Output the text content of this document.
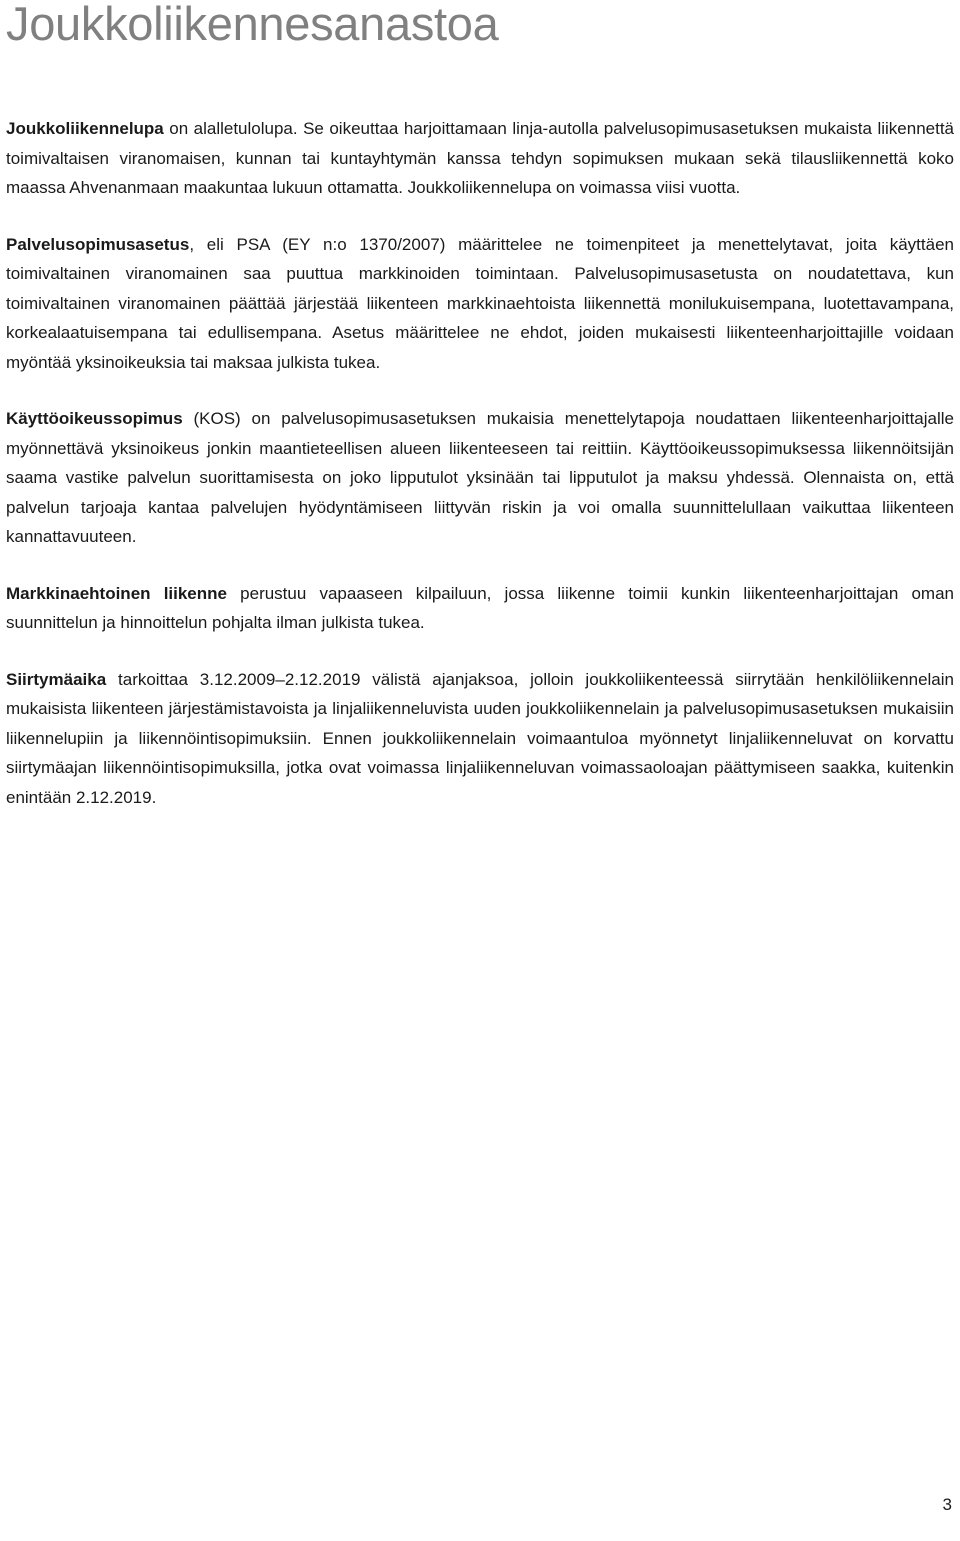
Joukkoliikennesanastoa

Joukkoliikennelupa on alalletulolupa. Se oikeuttaa harjoittamaan linja-autolla palvelusopimusasetuksen mukaista liikennettä toimivaltaisen viranomaisen, kunnan tai kuntayhtymän kanssa tehdyn sopimuksen mukaan sekä tilausliikennettä koko maassa Ahvenanmaan maakuntaa lukuun ottamatta. Joukkoliikennelupa on voimassa viisi vuotta.

Palvelusopimusasetus, eli PSA (EY n:o 1370/2007) määrittelee ne toimenpiteet ja menettelytavat, joita käyttäen toimivaltainen viranomainen saa puuttua markkinoiden toimintaan. Palvelusopimusasetusta on noudatettava, kun toimivaltainen viranomainen päättää järjestää liikenteen markkinaehtoista liikennettä monilukuisempana, luotettavampana, korkealaatuisempana tai edullisempana. Asetus määrittelee ne ehdot, joiden mukaisesti liikenteenharjoittajille voidaan myöntää yksinoikeuksia tai maksaa julkista tukea.

Käyttöoikeussopimus (KOS) on palvelusopimusasetuksen mukaisia menettelytapoja noudattaen liikenteenharjoittajalle myönnettävä yksinoikeus jonkin maantieteellisen alueen liikenteeseen tai reittiin. Käyttöoikeussopimuksessa liikennöitsijän saama vastike palvelun suorittamisesta on joko lipputulot yksinään tai lipputulot ja maksu yhdessä. Olennaista on, että palvelun tarjoaja kantaa palvelujen hyödyntämiseen liittyvän riskin ja voi omalla suunnittelullaan vaikuttaa liikenteen kannattavuuteen.

Markkinaehtoinen liikenne perustuu vapaaseen kilpailuun, jossa liikenne toimii kunkin liikenteenharjoittajan oman suunnittelun ja hinnoittelun pohjalta ilman julkista tukea.

Siirtymäaika tarkoittaa 3.12.2009–2.12.2019 välistä ajanjaksoa, jolloin joukkoliikenteessä siirrytään henkilöliikennelain mukaisista liikenteen järjestämistavoista ja linjaliikenneluvista uuden joukkoliikennelain ja palvelusopimusasetuksen mukaisiin liikennelupiin ja liikennöintisopimuksiin. Ennen joukkoliikennelain voimaantuloa myönnetyt linjaliikenneluvat on korvattu siirtymäajan liikennöintisopimuksilla, jotka ovat voimassa linjaliikenneluvan voimassaoloajan päättymiseen saakka, kuitenkin enintään 2.12.2019.

3
